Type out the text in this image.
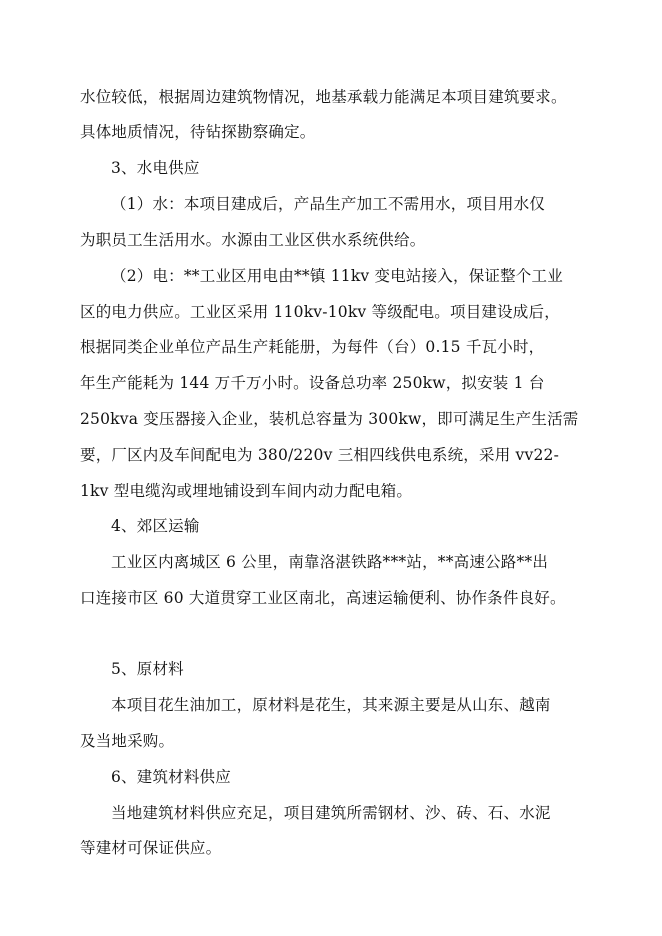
水位较低，根据周边建筑物情况，地基承载力能满足本项目建筑要求。
具体地质情况，待钻探勘察确定。
3、水电供应
（1）水：本项目建成后，产品生产加工不需用水，项目用水仅
为职员工生活用水。水源由工业区供水系统供给。
（2）电：**工业区用电由**镇 11kv 变电站接入，保证整个工业
区的电力供应。工业区采用 110kv-10kv 等级配电。项目建设成后，
根据同类企业单位产品生产耗能册，为每件（台）0.15 千瓦小时，
年生产能耗为 144 万千万小时。设备总功率 250kw，拟安装 1 台
250kva 变压器接入企业，装机总容量为 300kw，即可满足生产生活需
要，厂区内及车间配电为 380/220v 三相四线供电系统，采用 vv22-
1kv 型电缆沟或埋地铺设到车间内动力配电箱。
4、郊区运输
工业区内离城区 6 公里，南靠洛湛铁路***站，**高速公路**出
口连接市区 60 大道贯穿工业区南北，高速运输便利、协作条件良好。
5、原材料
本项目花生油加工，原材料是花生，其来源主要是从山东、越南
及当地采购。
6、建筑材料供应
当地建筑材料供应充足，项目建筑所需钢材、沙、砖、石、水泥
等建材可保证供应。
